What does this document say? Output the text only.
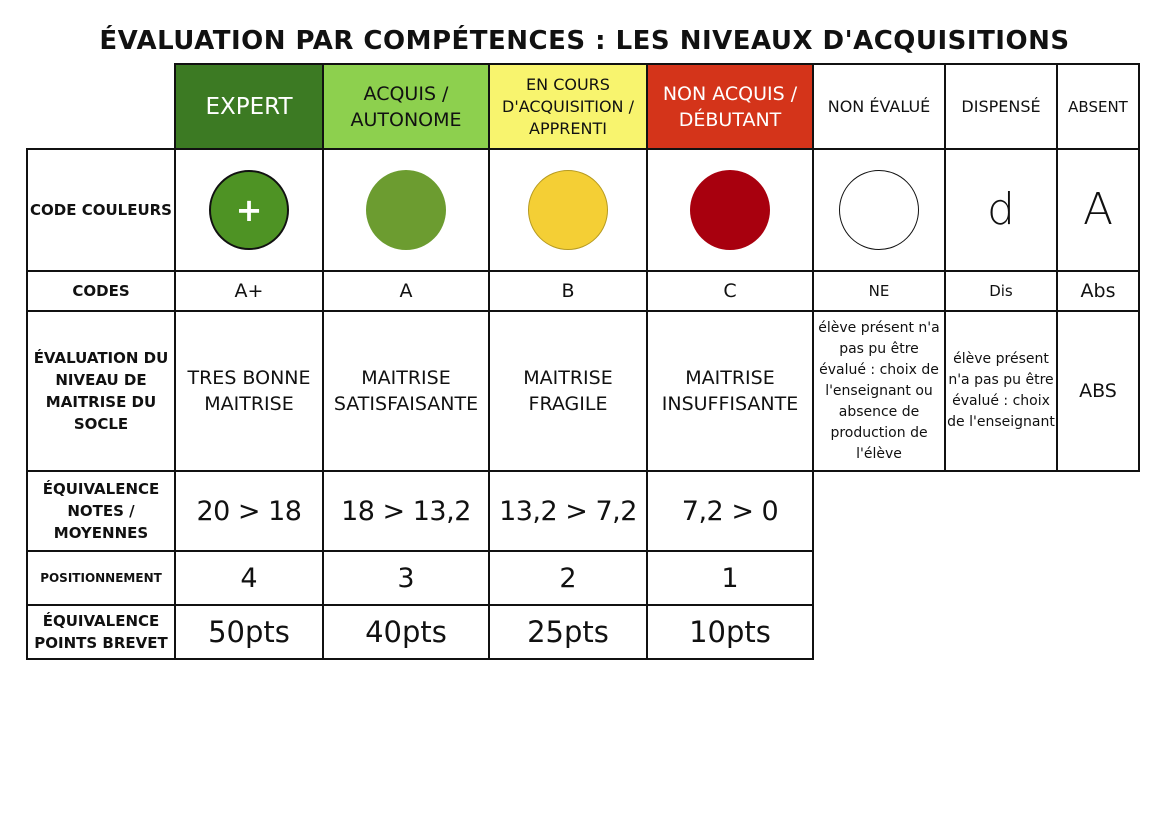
ÉVALUATION PAR COMPÉTENCES : LES NIVEAUX D'ACQUISITIONS
	EXPERT	ACQUIS / AUTONOME	EN COURS D'ACQUISITION / APPRENTI	NON ACQUIS / DÉBUTANT	NON ÉVALUÉ	DISPENSÉ	ABSENT
CODE COULEURS	+					d	A
CODES	A+	A	B	C	NE	Dis	Abs
ÉVALUATION DU NIVEAU DE MAITRISE DU SOCLE	TRES BONNE MAITRISE	MAITRISE SATISFAISANTE	MAITRISE FRAGILE	MAITRISE INSUFFISANTE	élève présent n'a pas pu être évalué : choix de l'enseignant ou absence de production de l'élève	élève présent n'a pas pu être évalué : choix de l'enseignant	ABS
ÉQUIVALENCE NOTES / MOYENNES	20 > 18	18 > 13,2	13,2 > 7,2	7,2 > 0			
POSITIONNEMENT	4	3	2	1			
ÉQUIVALENCE POINTS BREVET	50pts	40pts	25pts	10pts			
